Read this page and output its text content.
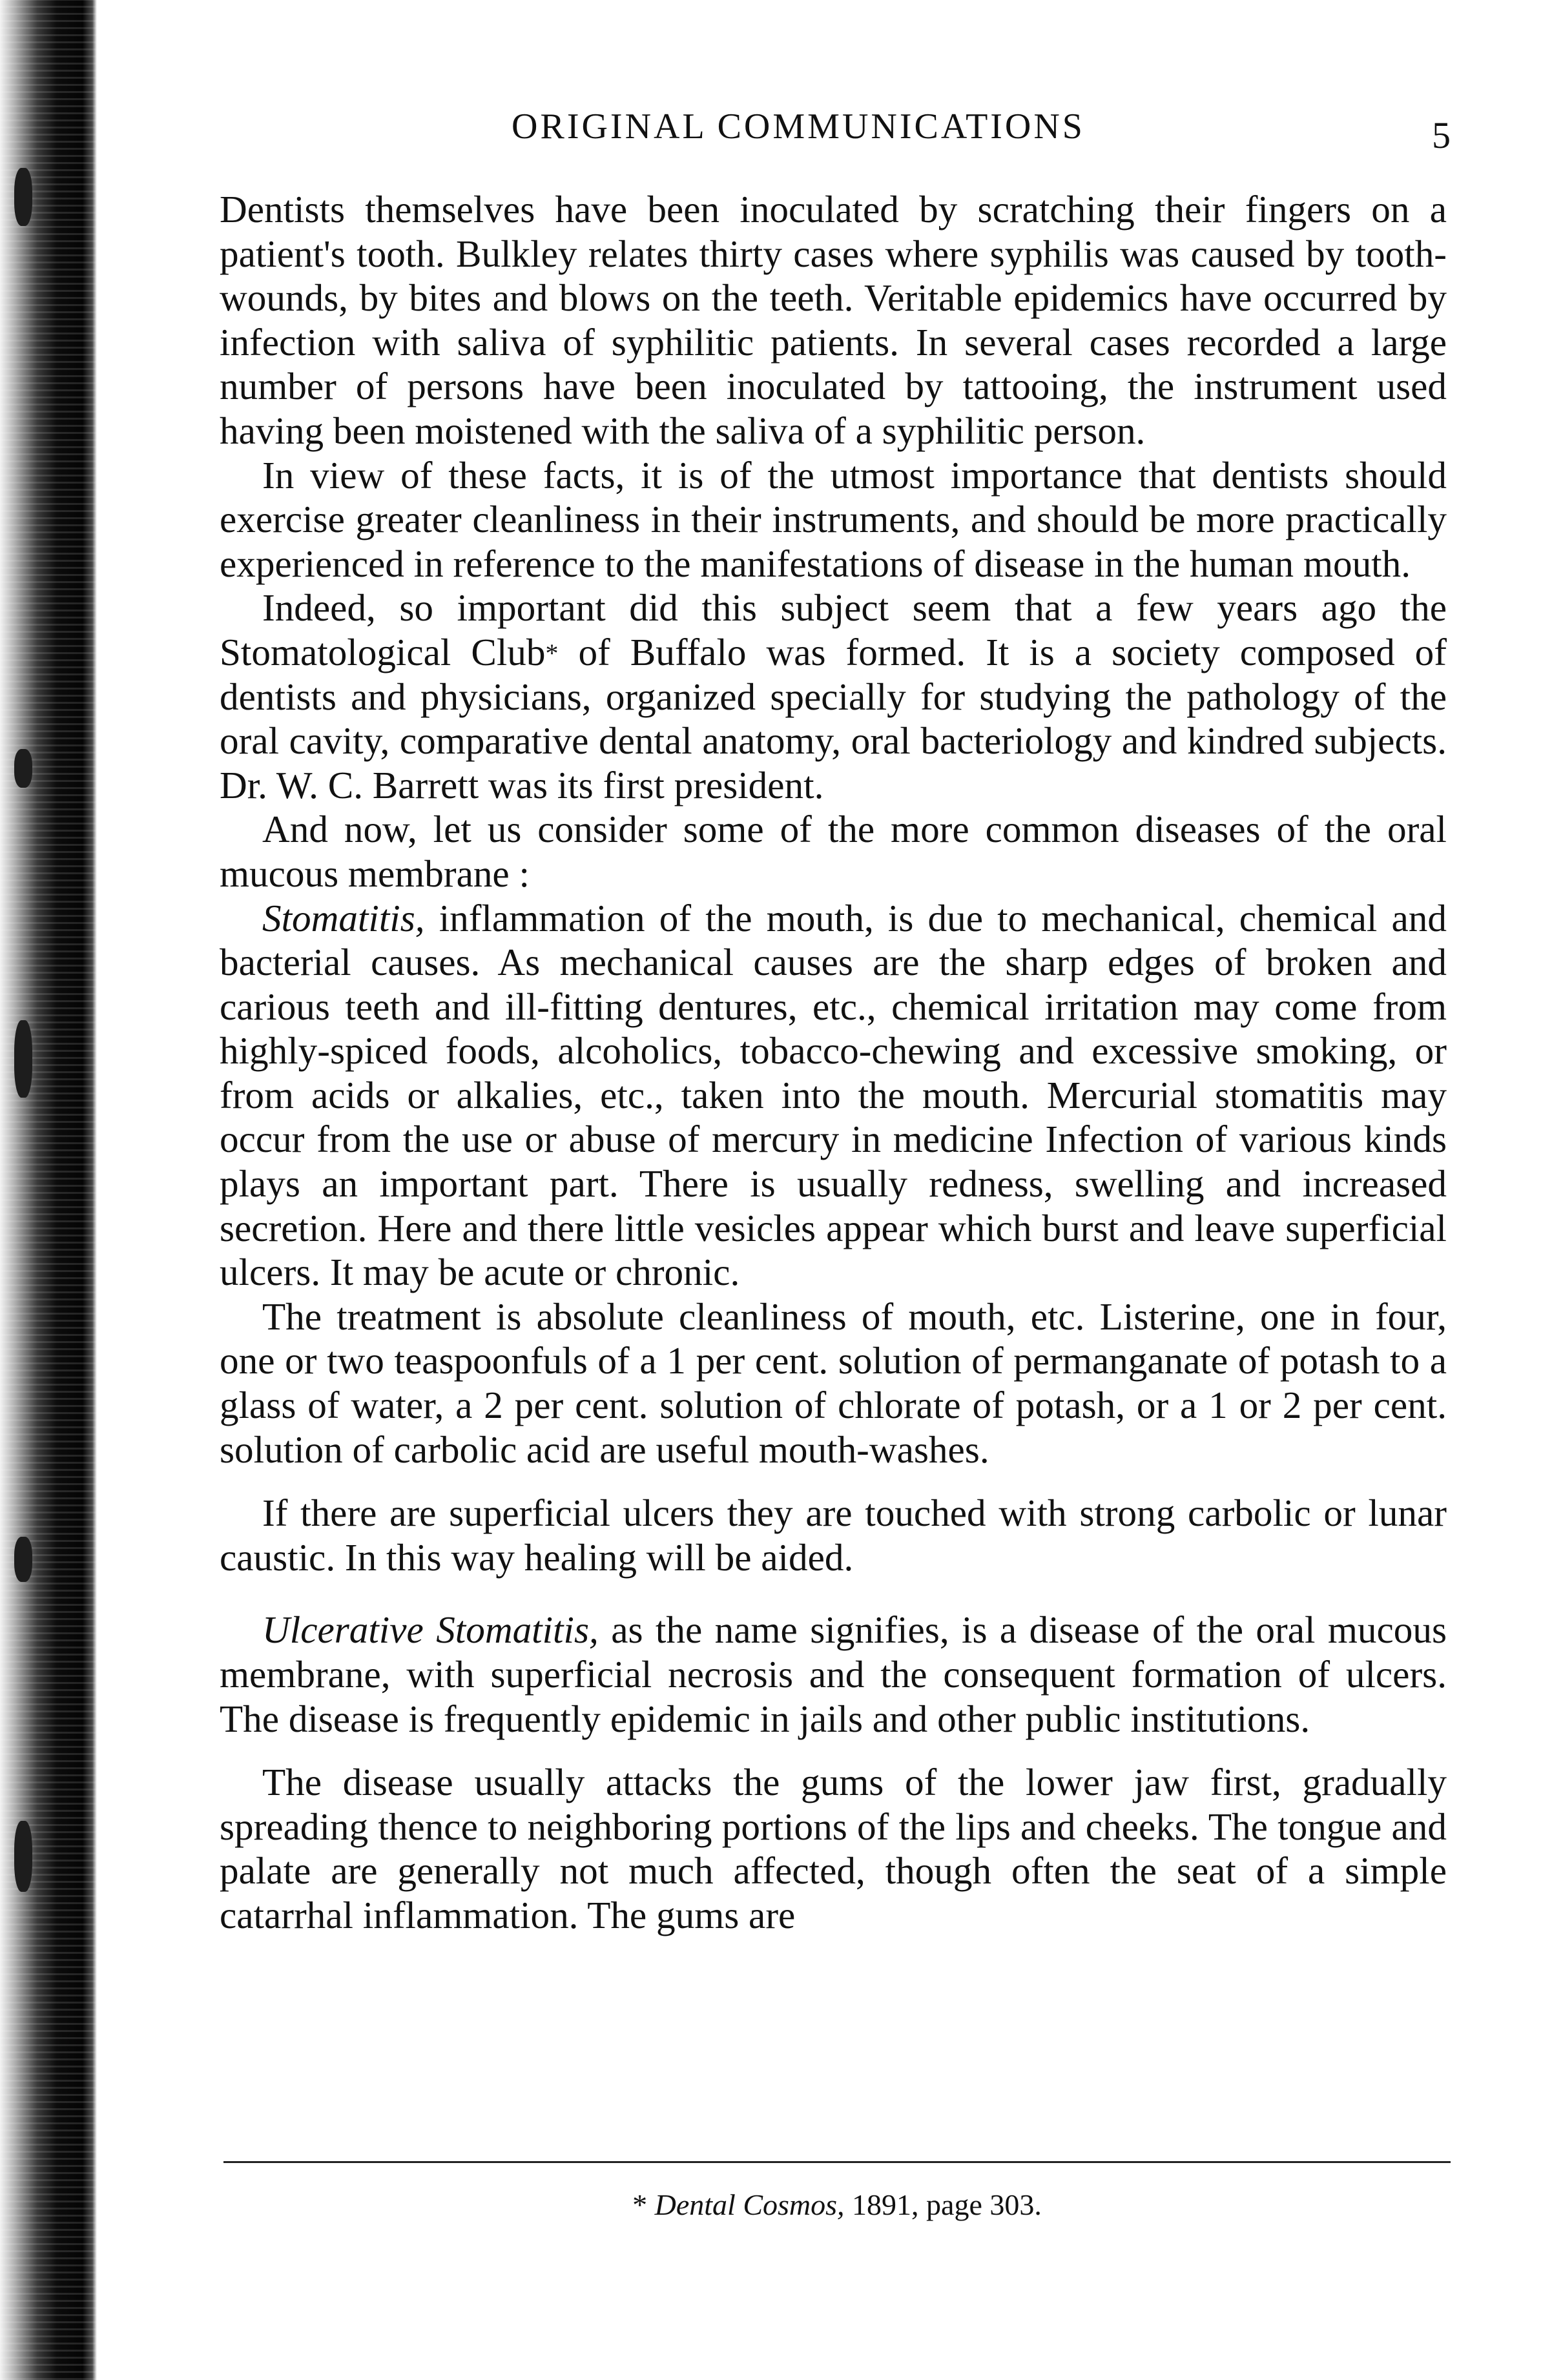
ORIGINAL COMMUNICATIONS	5

Dentists themselves have been inoculated by scratching their fingers on a patient's tooth. Bulkley relates thirty cases where syphilis was caused by tooth-wounds, by bites and blows on the teeth. Veritable epidemics have occurred by infection with saliva of syphilitic patients. In several cases recorded a large number of persons have been inoculated by tattooing, the instrument used having been moistened with the saliva of a syphilitic person.

In view of these facts, it is of the utmost importance that dentists should exercise greater cleanliness in their instruments, and should be more practically experienced in reference to the manifestations of disease in the human mouth.

Indeed, so important did this subject seem that a few years ago the Stomatological Club* of Buffalo was formed. It is a society composed of dentists and physicians, organized specially for studying the pathology of the oral cavity, comparative dental anatomy, oral bacteriology and kindred subjects. Dr. W. C. Barrett was its first president.

And now, let us consider some of the more common diseases of the oral mucous membrane :

Stomatitis, inflammation of the mouth, is due to mechanical, chemical and bacterial causes. As mechanical causes are the sharp edges of broken and carious teeth and ill-fitting dentures, etc., chemical irritation may come from highly-spiced foods, alcoholics, tobacco-chewing and excessive smoking, or from acids or alkalies, etc., taken into the mouth. Mercurial stomatitis may occur from the use or abuse of mercury in medicine Infection of various kinds plays an important part. There is usually redness, swelling and increased secretion. Here and there little vesicles appear which burst and leave superficial ulcers. It may be acute or chronic.

The treatment is absolute cleanliness of mouth, etc. Listerine, one in four, one or two teaspoonfuls of a 1 per cent. solution of permanganate of potash to a glass of water, a 2 per cent. solution of chlorate of potash, or a 1 or 2 per cent. solution of carbolic acid are useful mouth-washes.

If there are superficial ulcers they are touched with strong carbolic or lunar caustic. In this way healing will be aided.

Ulcerative Stomatitis, as the name signifies, is a disease of the oral mucous membrane, with superficial necrosis and the consequent formation of ulcers. The disease is frequently epidemic in jails and other public institutions.

The disease usually attacks the gums of the lower jaw first, gradually spreading thence to neighboring portions of the lips and cheeks. The tongue and palate are generally not much affected, though often the seat of a simple catarrhal inflammation. The gums are

* Dental Cosmos, 1891, page 303.
